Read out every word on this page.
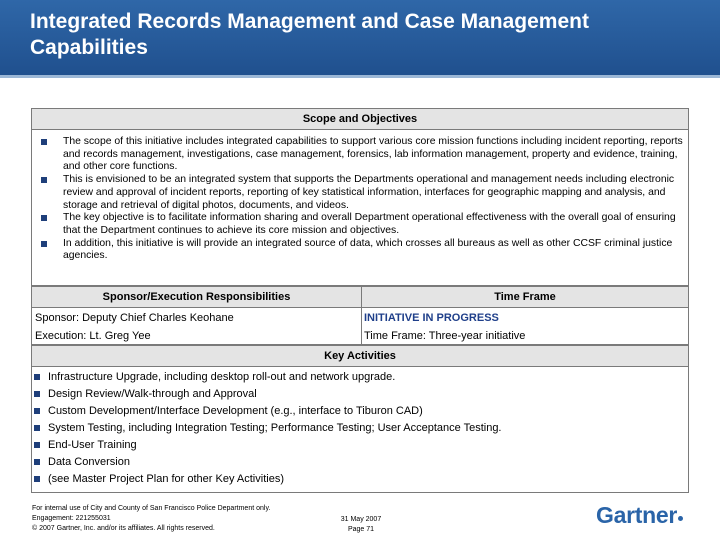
Integrated Records Management and Case Management Capabilities
Scope and Objectives
The scope of this initiative includes integrated capabilities to support various core mission functions including incident reporting, reports and records management, investigations, case management, forensics, lab information management, property and evidence, training, and other core functions.
This is envisioned to be an integrated system that supports the Departments operational and management needs including electronic review and approval of incident reports, reporting of key statistical information, interfaces for geographic mapping and analysis, and storage and retrieval of digital photos, documents, and videos.
The key objective is to facilitate information sharing and overall Department operational effectiveness with the overall goal of ensuring that the Department continues to achieve its core mission and objectives.
In addition, this initiative is will provide an integrated source of data, which crosses all bureaus as well as other CCSF criminal justice agencies.
Sponsor/Execution Responsibilities	Time Frame
Sponsor: Deputy Chief Charles Keohane
Execution: Lt. Greg Yee
INITIATIVE IN PROGRESS
Time Frame: Three-year initiative
Key Activities
Infrastructure Upgrade, including desktop roll-out and network upgrade.
Design Review/Walk-through and Approval
Custom Development/Interface Development (e.g., interface to Tiburon CAD)
System Testing, including Integration Testing; Performance Testing; User Acceptance Testing.
End-User Training
Data Conversion
(see Master Project Plan for other Key Activities)
For internal use of City and County of San Francisco Police Department only.
Engagement: 221255031
© 2007 Gartner, Inc. and/or its affiliates. All rights reserved.
31 May 2007
Page 71
Gartner
